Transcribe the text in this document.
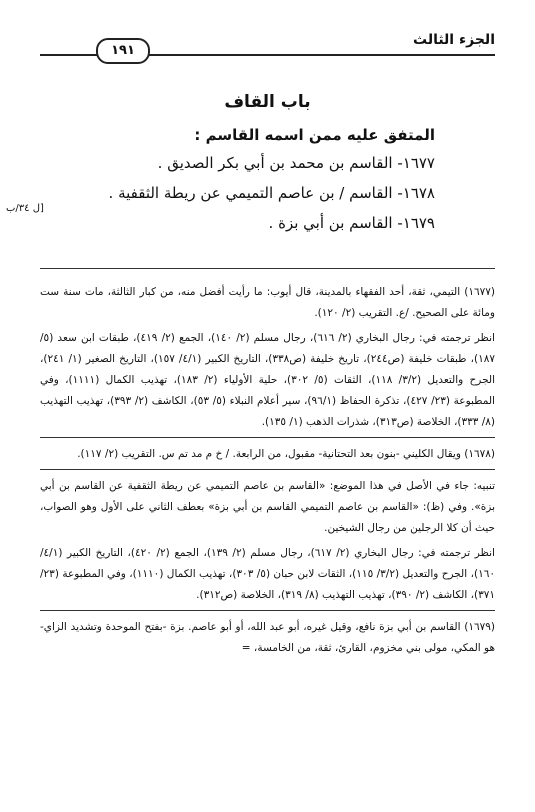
الجزء الثالث
١٩١
باب القاف
المتفق عليه ممن اسمه القاسم :
١٦٧٧- القاسم بن محمد بن أبي بكر الصديق .
١٦٧٨- القاسم / بن عاصم التميمي عن ريطة الثقفية .
١٦٧٩- القاسم بن أبي بزة .
[ل ٣٤/ب

(١٦٧٧) التيمي، ثقة، أحد الفقهاء بالمدينة، قال أيوب: ما رأيت أفضل منه، من كبار الثالثة، مات سنة ست ومائة على الصحيح. /ع. التقريب (٢/ ١٢٠).

انظر ترجمته في: رجال البخاري (٢/ ٦١٦)، رجال مسلم (٢/ ١٤٠)، الجمع (٢/ ٤١٩)، طبقات ابن سعد (٥/ ١٨٧)، طبقات خليفة (ص٢٤٤)، تاريخ خليفة (ص٣٣٨)، التاريخ الكبير (٤/١/ ١٥٧)، التاريخ الصغير (١/ ٢٤١)، الجرح والتعديل (٣/٢/ ١١٨)، الثقات (٥/ ٣٠٢)، حلية الأولياء (٢/ ١٨٣)، تهذيب الكمال (١١١١)، وفي المطبوعة (٢٣/ ٤٢٧)، تذكرة الحفاظ (٩٦/١)، سير أعلام النبلاء (٥/ ٥٣)، الكاشف (٢/ ٣٩٣)، تهذيب التهذيب (٨/ ٣٣٣)، الخلاصة (ص٣١٣)، شذرات الذهب (١/ ١٣٥).

(١٦٧٨) ويقال الكليني -بنون بعد التحتانية- مقبول، من الرابعة. / خ م مد تم س. التقريب (٢/ ١١٧).

تنبيه: جاء في الأصل في هذا الموضع: «القاسم بن عاصم التميمي عن ريطة الثقفية عن القاسم بن أبي بزة». وفي (ظ): «القاسم بن عاصم التميمي القاسم بن أبي بزة» بعطف الثاني على الأول وهو الصواب، حيث أن كلا الرجلين من رجال الشيخين.

انظر ترجمته في: رجال البخاري (٢/ ٦١٧)، رجال مسلم (٢/ ١٣٩)، الجمع (٢/ ٤٢٠)، التاريخ الكبير (٤/١/ ١٦٠)، الجرح والتعديل (٣/٢/ ١١٥)، الثقات لابن حبان (٥/ ٣٠٣)، تهذيب الكمال (١١١٠)، وفي المطبوعة (٢٣/ ٣٧١)، الكاشف (٢/ ٣٩٠)، تهذيب التهذيب (٨/ ٣١٩)، الخلاصة (ص٣١٢).

(١٦٧٩) القاسم بن أبي بزة نافع، وقيل غيره، أبو عبد الله، أو أبو عاصم. بزة -بفتح الموحدة وتشديد الزاي- هو المكي، مولى بني مخزوم، القارئ، ثقة، من الخامسة، =
